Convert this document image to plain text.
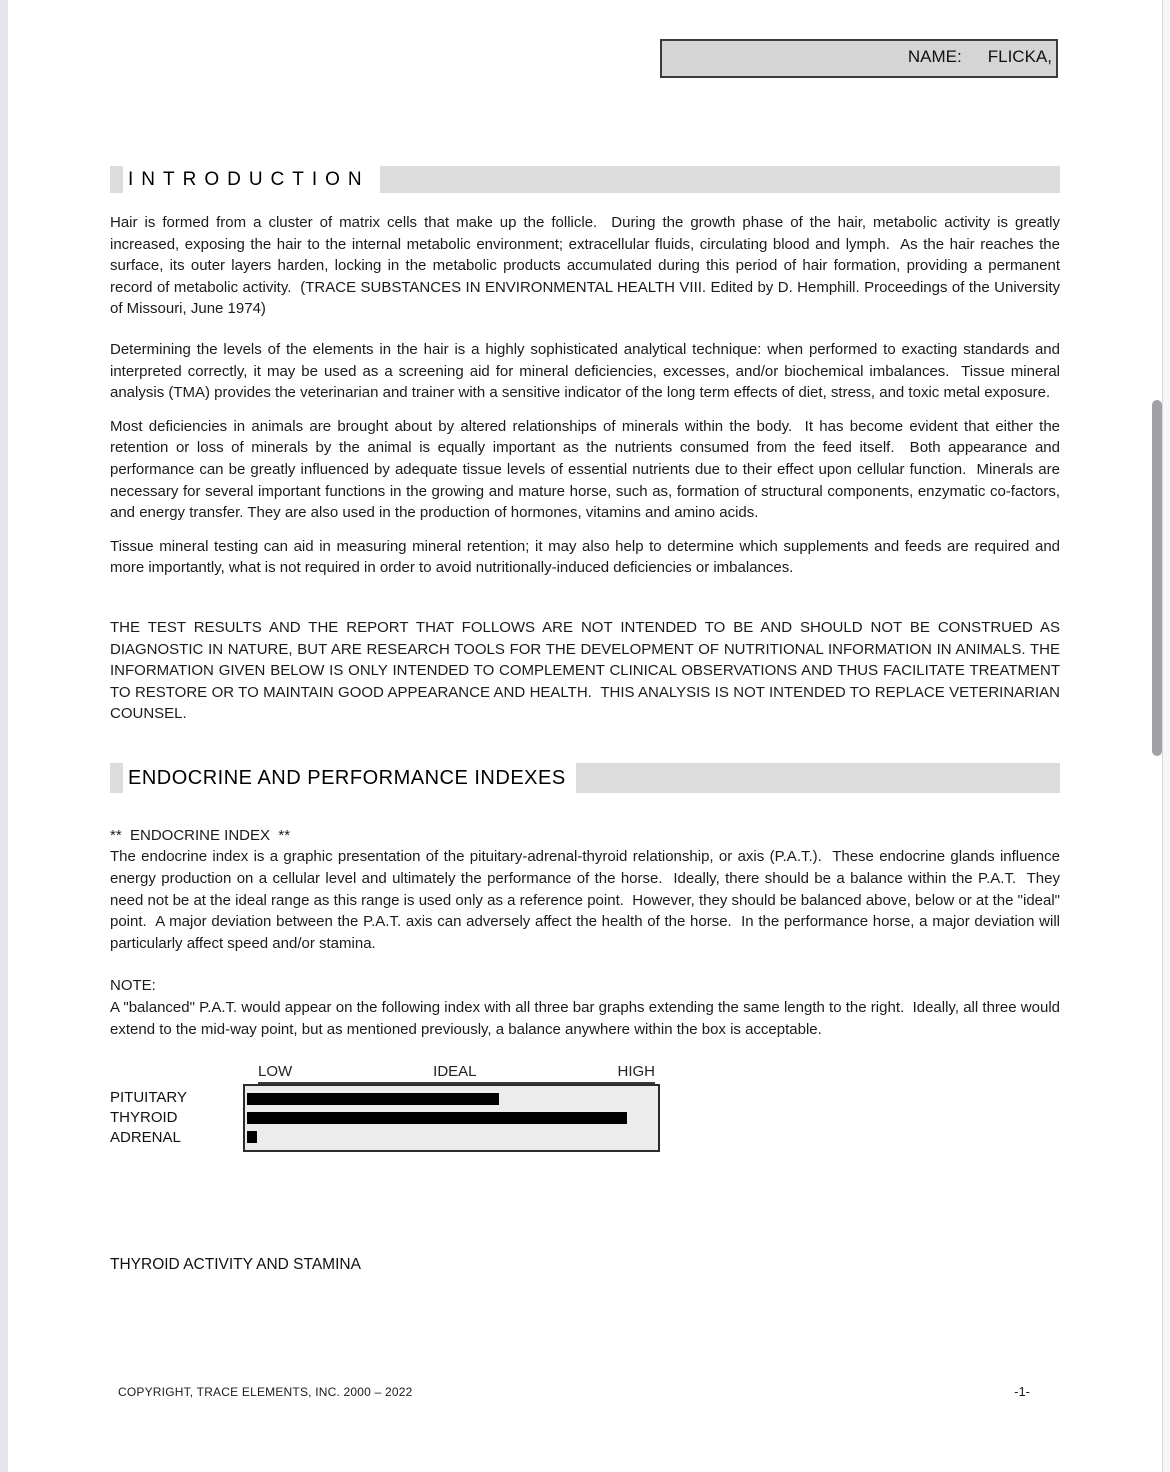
NAME: FLICKA,
INTRODUCTION

Hair is formed from a cluster of matrix cells that make up the follicle.  During the growth phase of the hair, metabolic activity is greatly increased, exposing the hair to the internal metabolic environment; extracellular fluids, circulating blood and lymph.  As the hair reaches the surface, its outer layers harden, locking in the metabolic products accumulated during this period of hair formation, providing a permanent record of metabolic activity.  (TRACE SUBSTANCES IN ENVIRONMENTAL HEALTH VIII. Edited by D. Hemphill. Proceedings of the University of Missouri, June 1974)

Determining the levels of the elements in the hair is a highly sophisticated analytical technique: when performed to exacting standards and interpreted correctly, it may be used as a screening aid for mineral deficiencies, excesses, and/or biochemical imbalances.  Tissue mineral analysis (TMA) provides the veterinarian and trainer with a sensitive indicator of the long term effects of diet, stress, and toxic metal exposure.

Most deficiencies in animals are brought about by altered relationships of minerals within the body.  It has become evident that either the retention or loss of minerals by the animal is equally important as the nutrients consumed from the feed itself.  Both appearance and performance can be greatly influenced by adequate tissue levels of essential nutrients due to their effect upon cellular function.  Minerals are necessary for several important functions in the growing and mature horse, such as, formation of structural components, enzymatic co-factors, and energy transfer. They are also used in the production of hormones, vitamins and amino acids.

Tissue mineral testing can aid in measuring mineral retention; it may also help to determine which supplements and feeds are required and more importantly, what is not required in order to avoid nutritionally-induced deficiencies or imbalances.

THE TEST RESULTS AND THE REPORT THAT FOLLOWS ARE NOT INTENDED TO BE AND SHOULD NOT BE CONSTRUED AS DIAGNOSTIC IN NATURE, BUT ARE RESEARCH TOOLS FOR THE DEVELOPMENT OF NUTRITIONAL INFORMATION IN ANIMALS. THE INFORMATION GIVEN BELOW IS ONLY INTENDED TO COMPLEMENT CLINICAL OBSERVATIONS AND THUS FACILITATE TREATMENT TO RESTORE OR TO MAINTAIN GOOD APPEARANCE AND HEALTH.  THIS ANALYSIS IS NOT INTENDED TO REPLACE VETERINARIAN COUNSEL.

ENDOCRINE AND PERFORMANCE INDEXES
**  ENDOCRINE INDEX  **

The endocrine index is a graphic presentation of the pituitary-adrenal-thyroid relationship, or axis (P.A.T.).  These endocrine glands influence energy production on a cellular level and ultimately the performance of the horse.  Ideally, there should be a balance within the P.A.T.  They need not be at the ideal range as this range is used only as a reference point.  However, they should be balanced above, below or at the "ideal" point.  A major deviation between the P.A.T. axis can adversely affect the health of the horse.  In the performance horse, a major deviation will particularly affect speed and/or stamina.

NOTE:

A "balanced" P.A.T. would appear on the following index with all three bar graphs extending the same length to the right.  Ideally, all three would extend to the mid-way point, but as mentioned previously, a balance anywhere within the box is acceptable.

PITUITARY
THYROID
ADRENAL
LOW	IDEAL	HIGH
THYROID ACTIVITY AND STAMINA
COPYRIGHT, TRACE ELEMENTS, INC. 2000 – 2022	-1-
